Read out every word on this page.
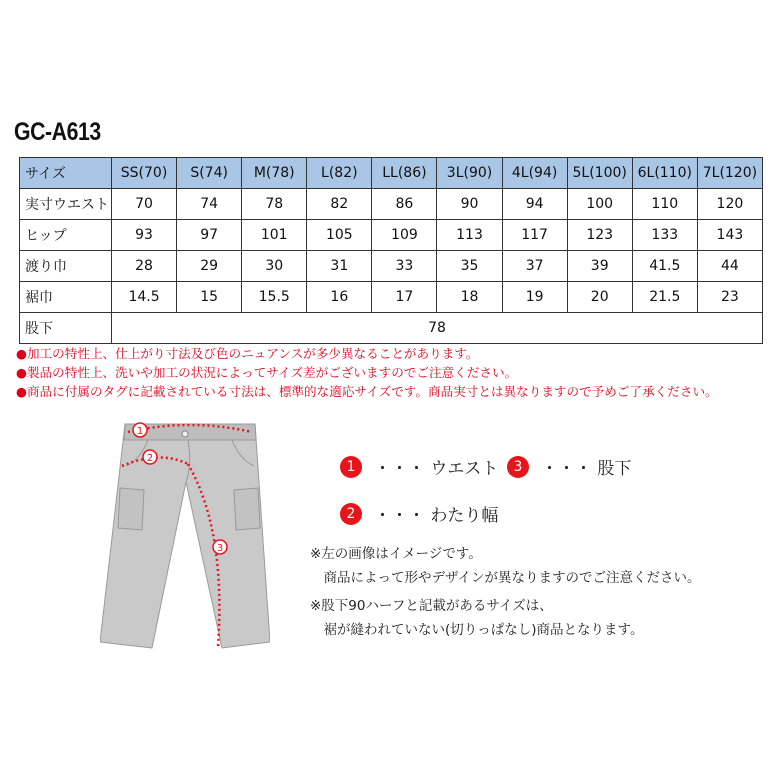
GC-A613
サイズ	SS(70)	S(74)	M(78)	L(82)	LL(86)	3L(90)	4L(94)	5L(100)	6L(110)	7L(120)
実寸ウエスト	70	74	78	82	86	90	94	100	110	120
ヒップ	93	97	101	105	109	113	117	123	133	143
渡り巾	28	29	30	31	33	35	37	39	41.5	44
裾巾	14.5	15	15.5	16	17	18	19	20	21.5	23
股下	78									
●加工の特性上、仕上がり寸法及び色のニュアンスが多少異なることがあります。
●製品の特性上、洗いや加工の状況によってサイズ差がございますのでご注意ください。
●商品に付属のタグに記載されている寸法は、標準的な適応サイズです。商品実寸とは異なりますので予めご了承ください。
1
2
3
1 ・・・ ウエスト	3 ・・・ 股下
2 ・・・ わたり幅
※左の画像はイメージです。
　商品によって形やデザインが異なりますのでご注意ください。
※股下90ハーフと記載があるサイズは、
　裾が縫われていない(切りっぱなし)商品となります。
